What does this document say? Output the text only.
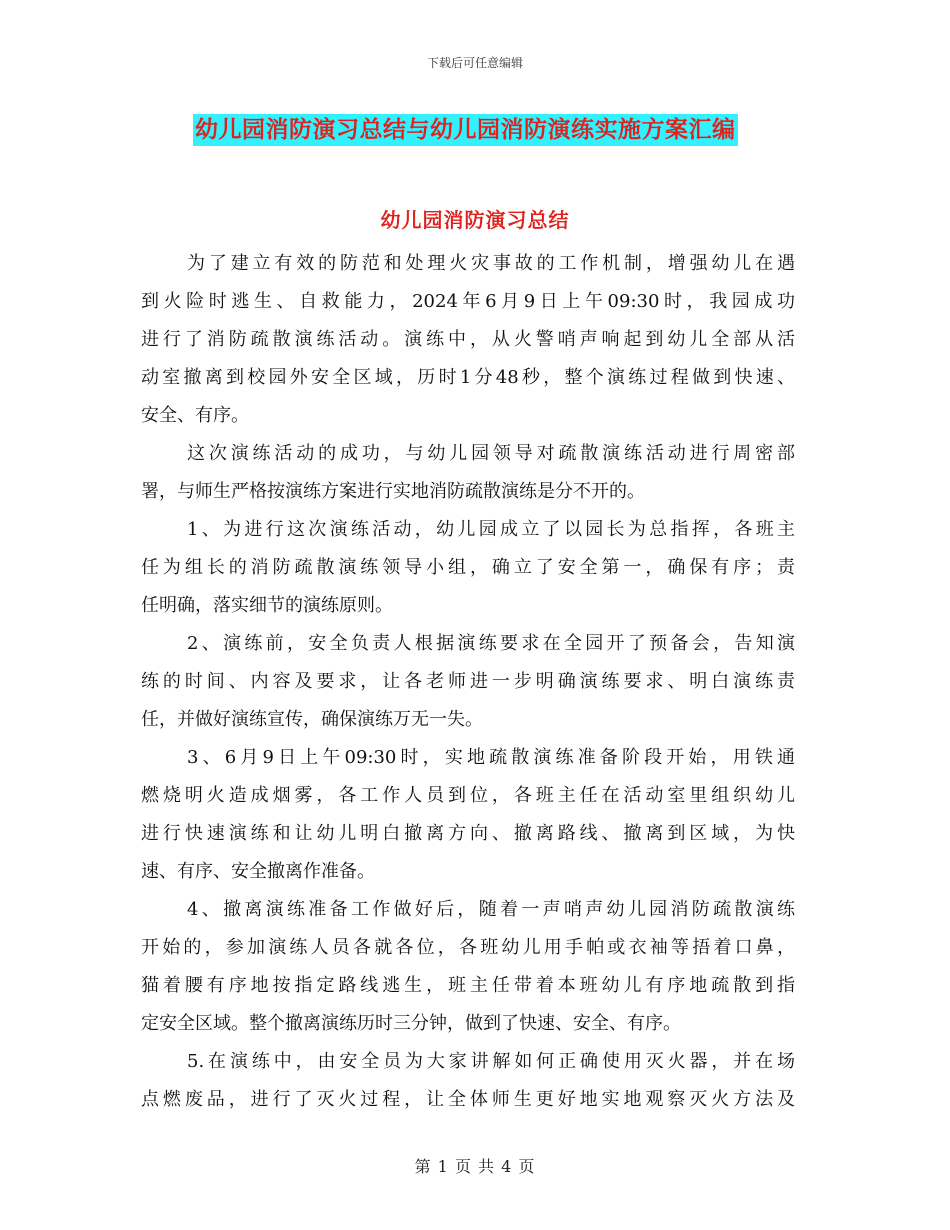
下载后可任意编辑
幼儿园消防演习总结与幼儿园消防演练实施方案汇编
幼儿园消防演习总结
为了建立有效的防范和处理火灾事故的工作机制，增强幼儿在遇
到火险时逃生、自救能力，2024年6月9日上午09:30时，我园成功
进行了消防疏散演练活动。演练中，从火警哨声响起到幼儿全部从活
动室撤离到校园外安全区域，历时1分48秒，整个演练过程做到快速、
安全、有序。
这次演练活动的成功，与幼儿园领导对疏散演练活动进行周密部
署，与师生严格按演练方案进行实地消防疏散演练是分不开的。
1、为进行这次演练活动，幼儿园成立了以园长为总指挥，各班主
任为组长的消防疏散演练领导小组，确立了安全第一，确保有序；责
任明确，落实细节的演练原则。
2、演练前，安全负责人根据演练要求在全园开了预备会，告知演
练的时间、内容及要求，让各老师进一步明确演练要求、明白演练责
任，并做好演练宣传，确保演练万无一失。
3、6月9日上午09:30时，实地疏散演练准备阶段开始，用铁通
燃烧明火造成烟雾，各工作人员到位，各班主任在活动室里组织幼儿
进行快速演练和让幼儿明白撤离方向、撤离路线、撤离到区域，为快
速、有序、安全撤离作准备。
4、撤离演练准备工作做好后，随着一声哨声幼儿园消防疏散演练
开始的，参加演练人员各就各位，各班幼儿用手帕或衣袖等捂着口鼻，
猫着腰有序地按指定路线逃生，班主任带着本班幼儿有序地疏散到指
定安全区域。整个撤离演练历时三分钟，做到了快速、安全、有序。
5.在演练中，由安全员为大家讲解如何正确使用灭火器，并在场
点燃废品，进行了灭火过程，让全体师生更好地实地观察灭火方法及
第 1 页 共 4 页
